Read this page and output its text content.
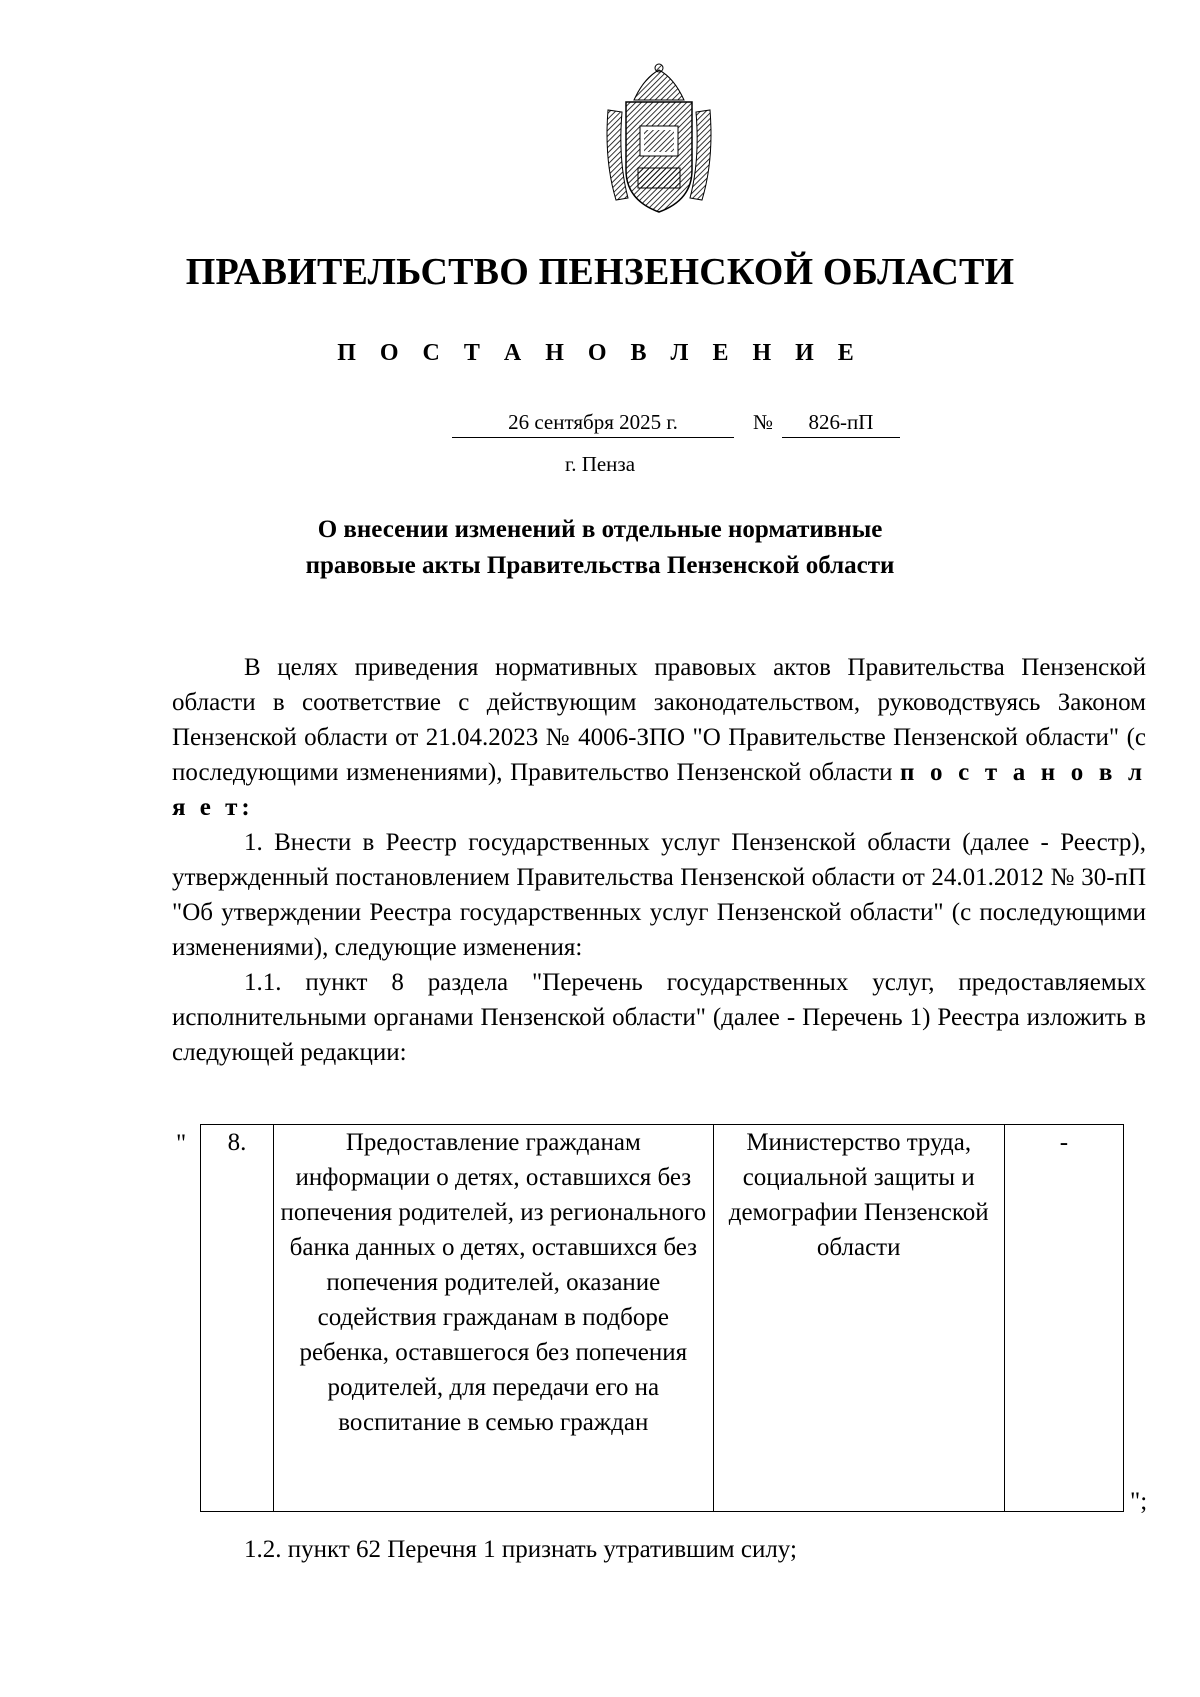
ПРАВИТЕЛЬСТВО ПЕНЗЕНСКОЙ ОБЛАСТИ
П О С Т А Н О В Л Е Н И Е
26 сентября 2025 г.	№	826-пП
г. Пенза
О внесении изменений в отдельные нормативные
правовые акты Правительства Пензенской области

В целях приведения нормативных правовых актов Правительства Пензенской области в соответствие с действующим законодательством, руководствуясь Законом Пензенской области от 21.04.2023 № 4006-ЗПО "О Правительстве Пензенской области" (с последующими изменениями), Правительство Пензенской области п о с т а н о в л я е т:

1. Внести в Реестр государственных услуг Пензенской области (далее - Реестр), утвержденный постановлением Правительства Пензенской области от 24.01.2012 № 30-пП "Об утверждении Реестра государственных услуг Пензенской области" (с последующими изменениями), следующие изменения:

1.1. пункт 8 раздела "Перечень государственных услуг, предоставляемых исполнительными органами Пензенской области" (далее - Перечень 1) Реестра изложить в следующей редакции:

" 8.	Предоставление гражданам информации о детях, оставшихся без попечения родителей, из регионального банка данных о детях, оставшихся без попечения родителей, оказание содействия гражданам в подборе ребенка, оставшегося без попечения родителей, для передачи его на воспитание в семью граждан	Министерство труда, социальной защиты и демографии Пензенской области	-
";

1.2. пункт 62 Перечня 1 признать утратившим силу;
